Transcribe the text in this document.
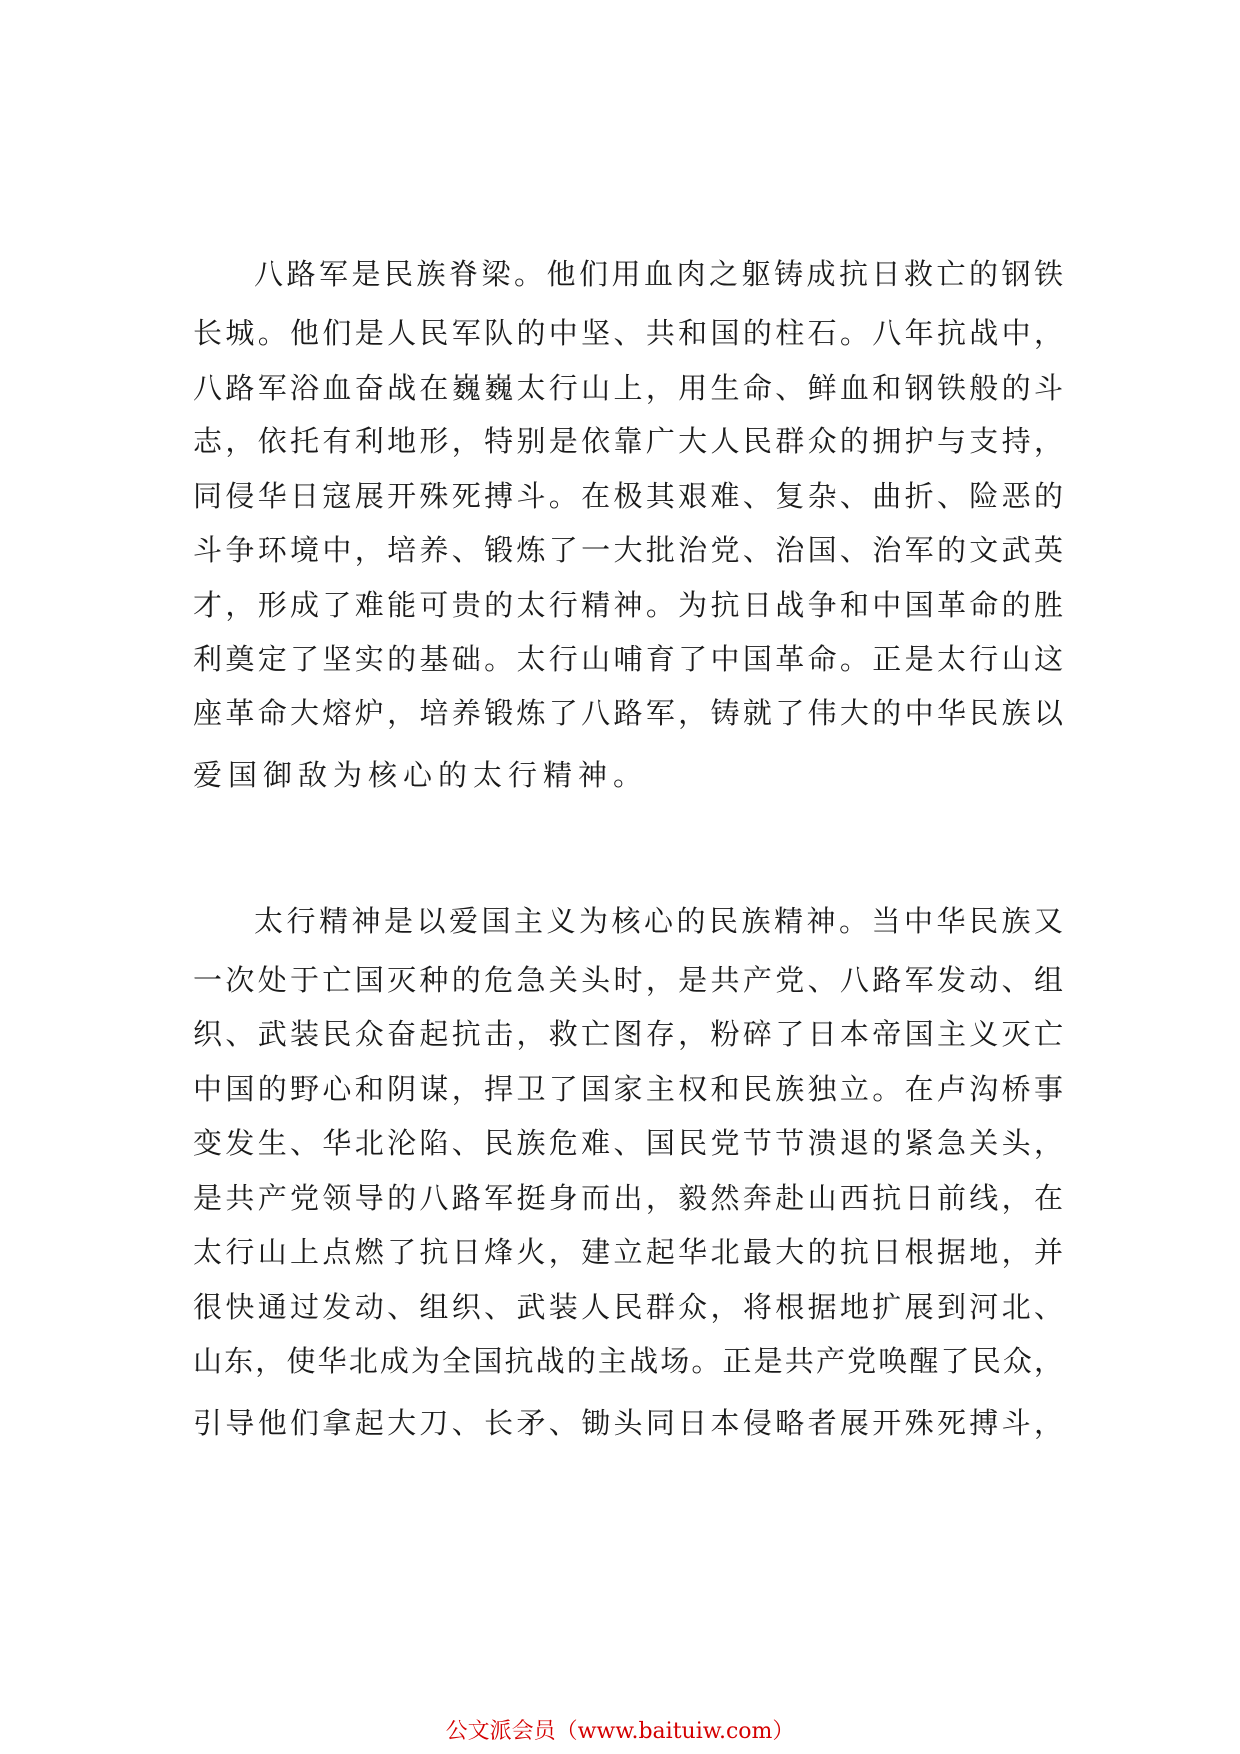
八路军是民族脊梁。他们用血肉之躯铸成抗日救亡的钢铁
长城。他们是人民军队的中坚、共和国的柱石。八年抗战中，
八路军浴血奋战在巍巍太行山上，用生命、鲜血和钢铁般的斗
志，依托有利地形，特别是依靠广大人民群众的拥护与支持，
同侵华日寇展开殊死搏斗。在极其艰难、复杂、曲折、险恶的
斗争环境中，培养、锻炼了一大批治党、治国、治军的文武英
才，形成了难能可贵的太行精神。为抗日战争和中国革命的胜
利奠定了坚实的基础。太行山哺育了中国革命。正是太行山这
座革命大熔炉，培养锻炼了八路军，铸就了伟大的中华民族以
爱国御敌为核心的太行精神。
太行精神是以爱国主义为核心的民族精神。当中华民族又
一次处于亡国灭种的危急关头时，是共产党、八路军发动、组
织、武装民众奋起抗击，救亡图存，粉碎了日本帝国主义灭亡
中国的野心和阴谋，捍卫了国家主权和民族独立。在卢沟桥事
变发生、华北沦陷、民族危难、国民党节节溃退的紧急关头，
是共产党领导的八路军挺身而出，毅然奔赴山西抗日前线，在
太行山上点燃了抗日烽火，建立起华北最大的抗日根据地，并
很快通过发动、组织、武装人民群众，将根据地扩展到河北、
山东，使华北成为全国抗战的主战场。正是共产党唤醒了民众，
引导他们拿起大刀、长矛、锄头同日本侵略者展开殊死搏斗，
公文派会员（www.baituiw.com）
